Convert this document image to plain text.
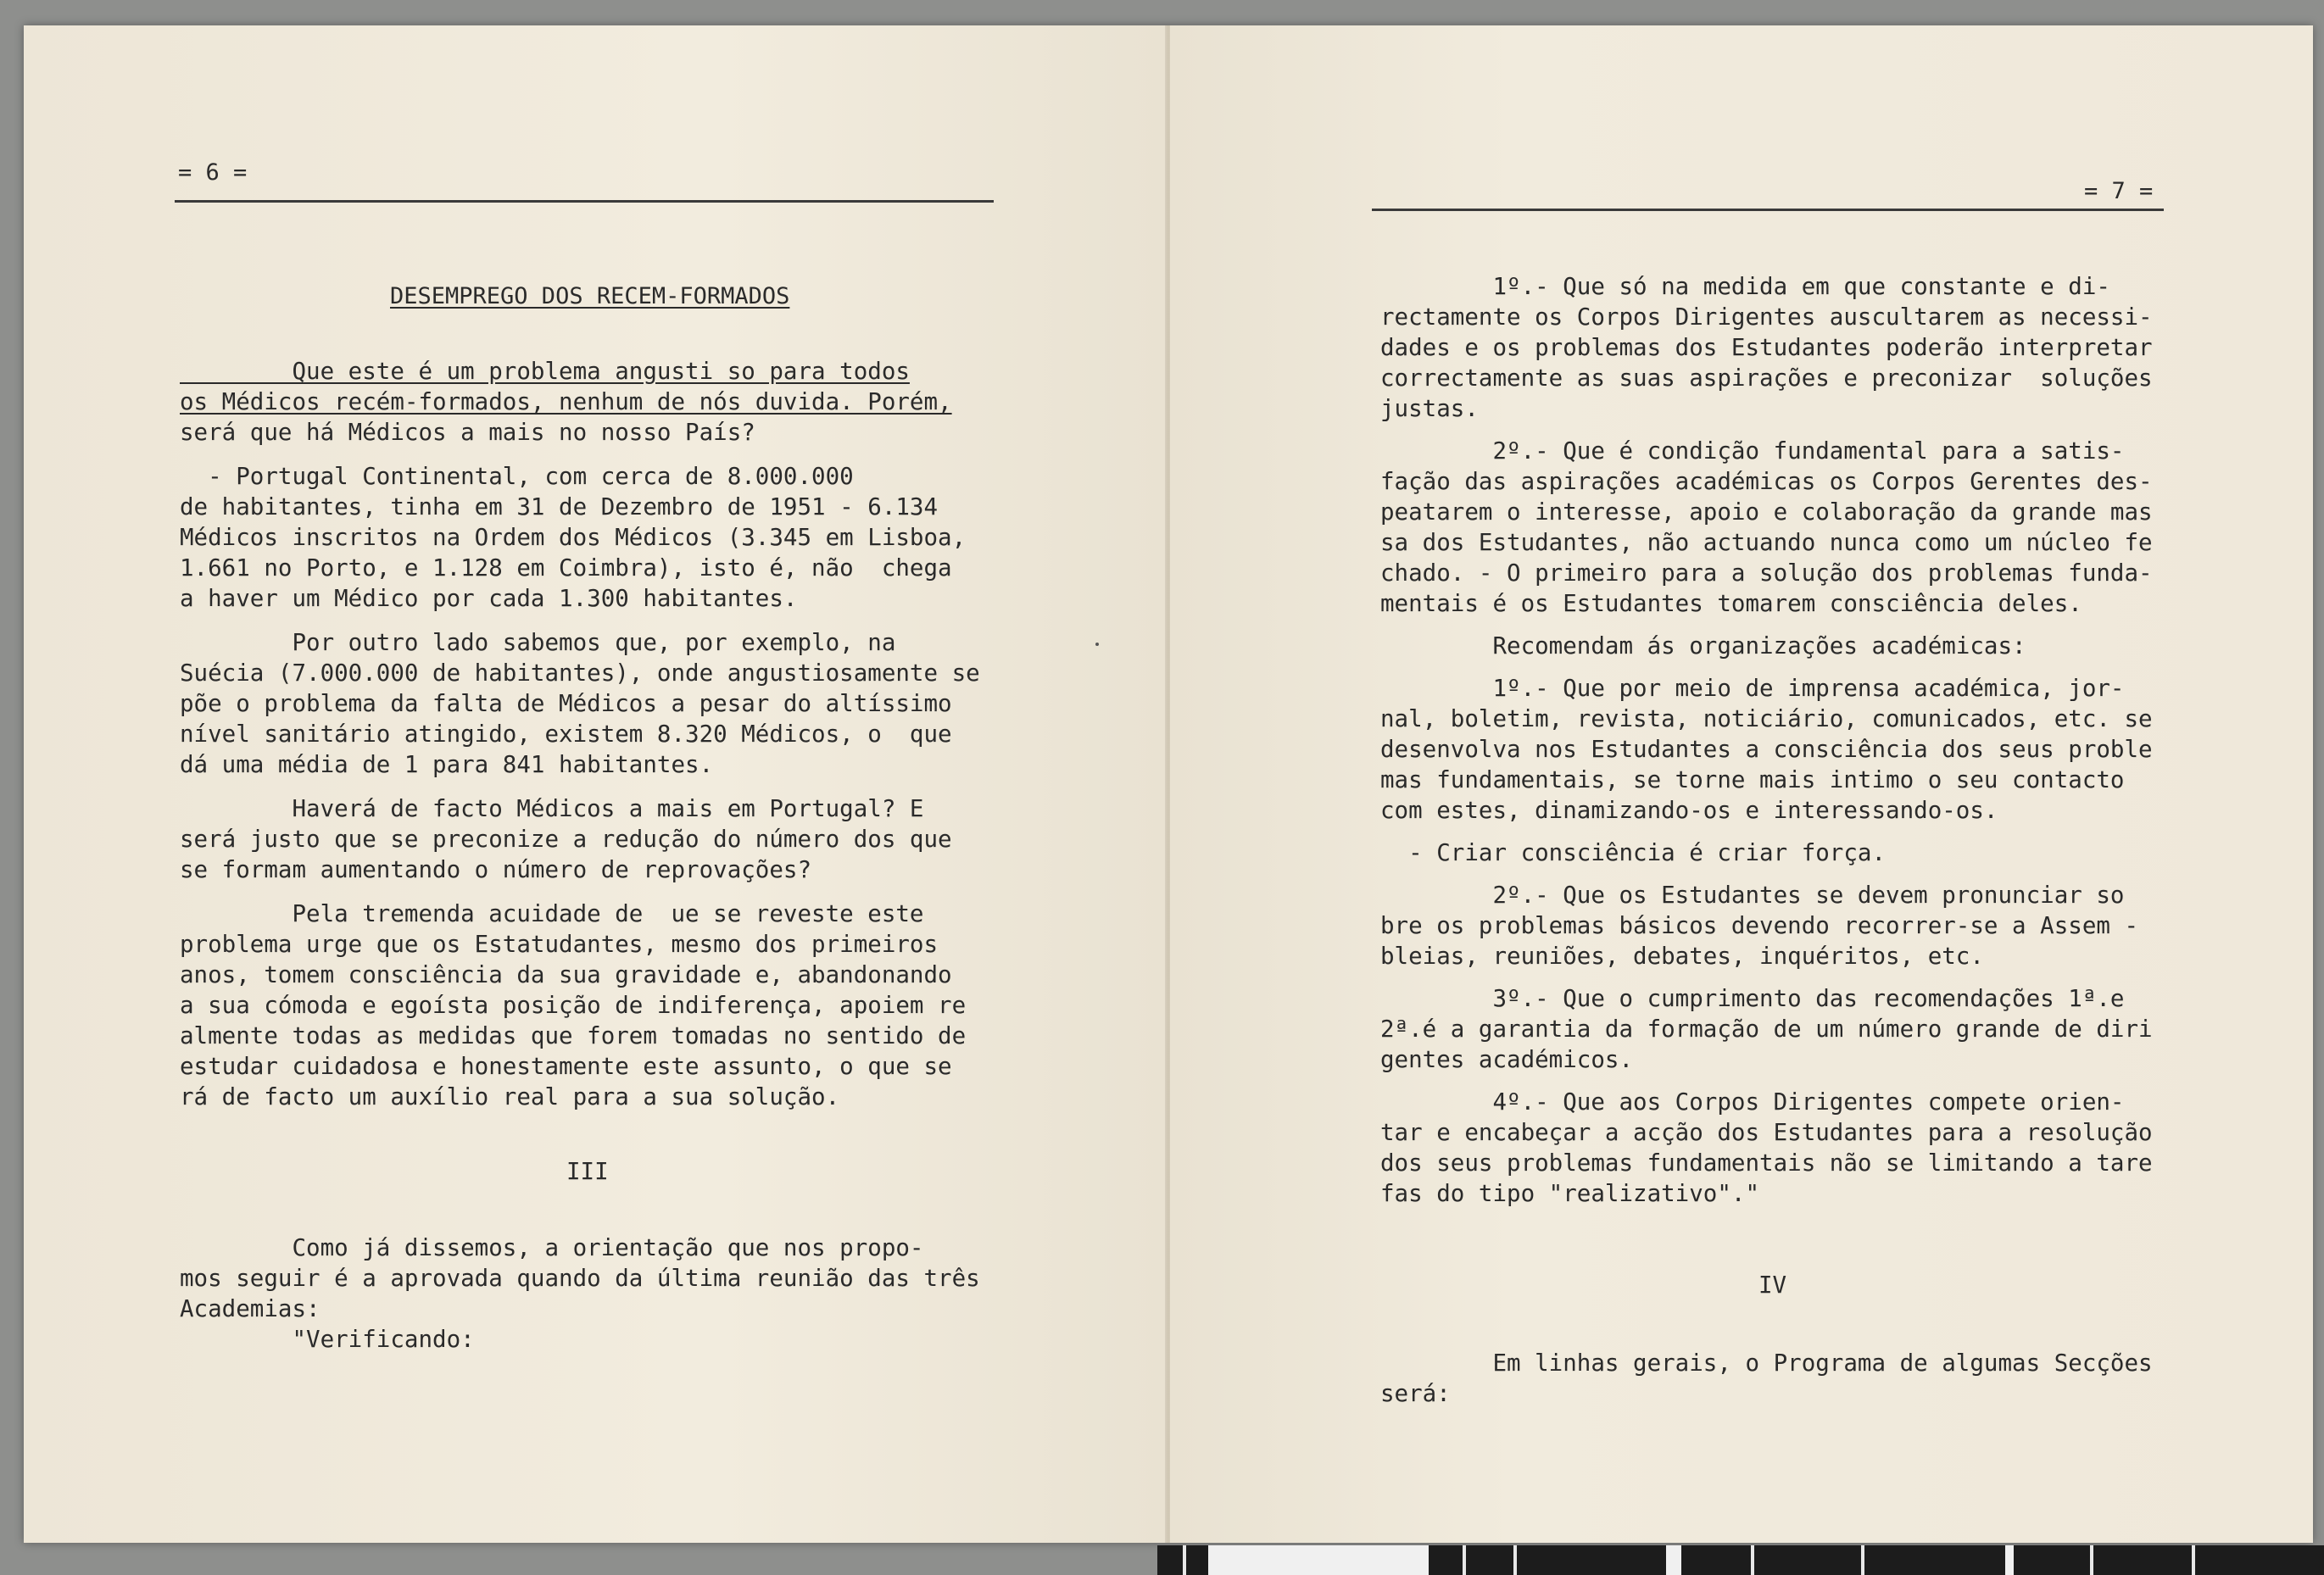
= 6 =
DESEMPREGO DOS RECEM-FORMADOS
Que este é um problema angusti so para todos
os Médicos recém-formados, nenhum de nós duvida. Porém,
será que há Médicos a mais no nosso País?
- Portugal Continental, com cerca de 8.000.000
de habitantes, tinha em 31 de Dezembro de 1951 - 6.134
Médicos inscritos na Ordem dos Médicos (3.345 em Lisboa,
1.661 no Porto, e 1.128 em Coimbra), isto é, não  chega
a haver um Médico por cada 1.300 habitantes.
Por outro lado sabemos que, por exemplo, na
Suécia (7.000.000 de habitantes), onde angustiosamente se
põe o problema da falta de Médicos a pesar do altíssimo
nível sanitário atingido, existem 8.320 Médicos, o  que
dá uma média de 1 para 841 habitantes.
Haverá de facto Médicos a mais em Portugal? E
será justo que se preconize a redução do número dos que
se formam aumentando o número de reprovações?
Pela tremenda acuidade de  ue se reveste este
problema urge que os Estatudantes, mesmo dos primeiros
anos, tomem consciência da sua gravidade e, abandonando
a sua cómoda e egoísta posição de indiferença, apoiem re
almente todas as medidas que forem tomadas no sentido de
estudar cuidadosa e honestamente este assunto, o que se
rá de facto um auxílio real para a sua solução.
III
Como já dissemos, a orientação que nos propo-
mos seguir é a aprovada quando da última reunião das três
Academias:
"Verificando:
= 7 =
1º.- Que só na medida em que constante e di-
rectamente os Corpos Dirigentes auscultarem as necessi-
dades e os problemas dos Estudantes poderão interpretar
correctamente as suas aspirações e preconizar  soluções
justas.
2º.- Que é condição fundamental para a satis-
fação das aspirações académicas os Corpos Gerentes des-
peatarem o interesse, apoio e colaboração da grande mas
sa dos Estudantes, não actuando nunca como um núcleo fe
chado. - O primeiro para a solução dos problemas funda-
mentais é os Estudantes tomarem consciência deles.
Recomendam ás organizações académicas:
1º.- Que por meio de imprensa académica, jor-
nal, boletim, revista, noticiário, comunicados, etc. se
desenvolva nos Estudantes a consciência dos seus proble
mas fundamentais, se torne mais intimo o seu contacto
com estes, dinamizando-os e interessando-os.
- Criar consciência é criar força.
2º.- Que os Estudantes se devem pronunciar so
bre os problemas básicos devendo recorrer-se a Assem -
bleias, reuniões, debates, inquéritos, etc.
3º.- Que o cumprimento das recomendações 1ª.e
2ª.é a garantia da formação de um número grande de diri
gentes académicos.
4º.- Que aos Corpos Dirigentes compete orien-
tar e encabeçar a acção dos Estudantes para a resolução
dos seus problemas fundamentais não se limitando a tare
fas do tipo "realizativo"."
IV
Em linhas gerais, o Programa de algumas Secções
será:
